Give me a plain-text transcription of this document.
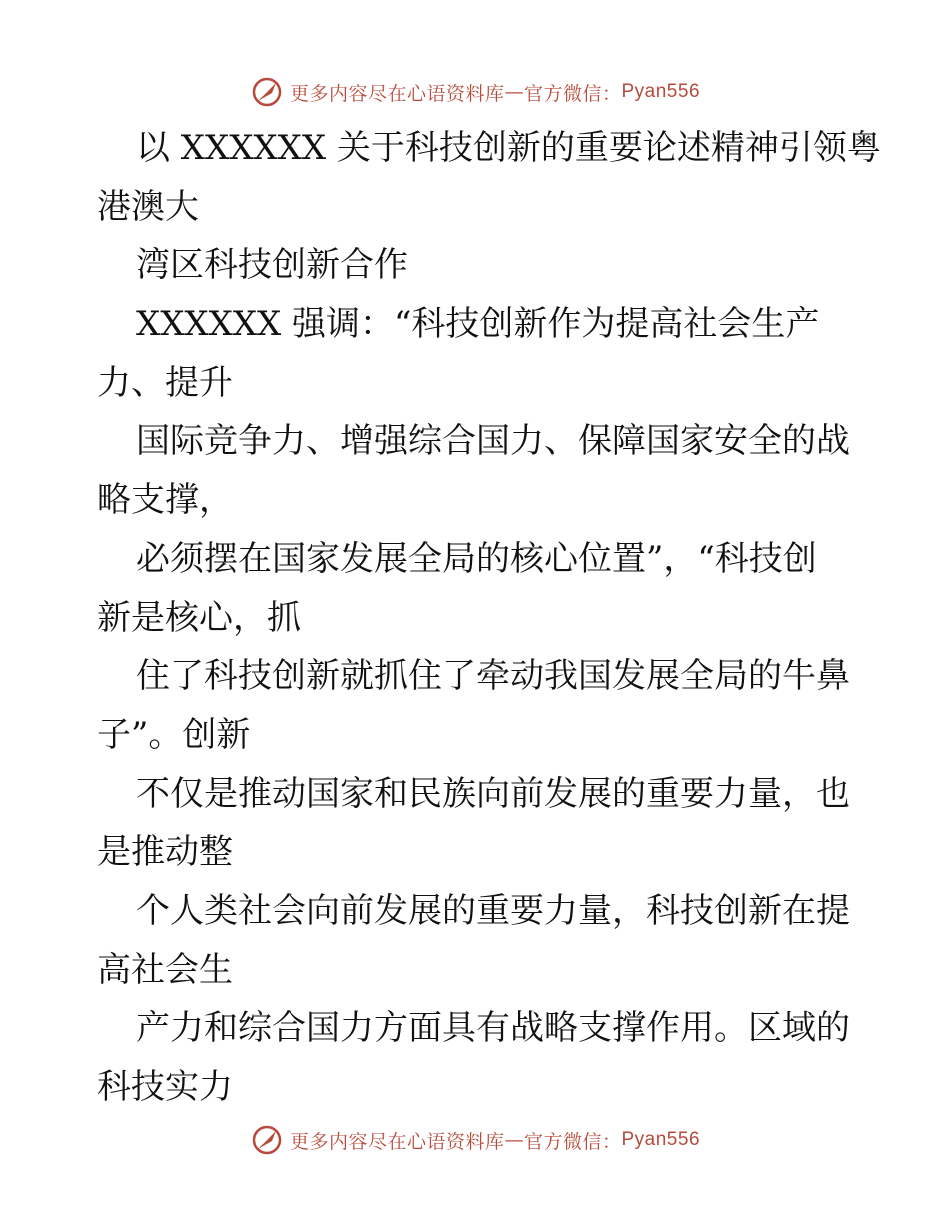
更多内容尽在心语资料库 — 官方微信： Pyan556
以 XXXXXX 关于科技创新的重要论述精神引领粤
港澳大
湾区科技创新合作
XXXXXX 强调：“科技创新作为提高社会生产
力、提升
国际竞争力、增强综合国力、保障国家安全的战
略支撑，
必须摆在国家发展全局的核心位置”，“科技创
新是核心，抓
住了科技创新就抓住了牵动我国发展全局的牛鼻
子”。创新
不仅是推动国家和民族向前发展的重要力量，也
是推动整
个人类社会向前发展的重要力量，科技创新在提
高社会生
产力和综合国力方面具有战略支撑作用。区域的
科技实力
更多内容尽在心语资料库 — 官方微信： Pyan556
